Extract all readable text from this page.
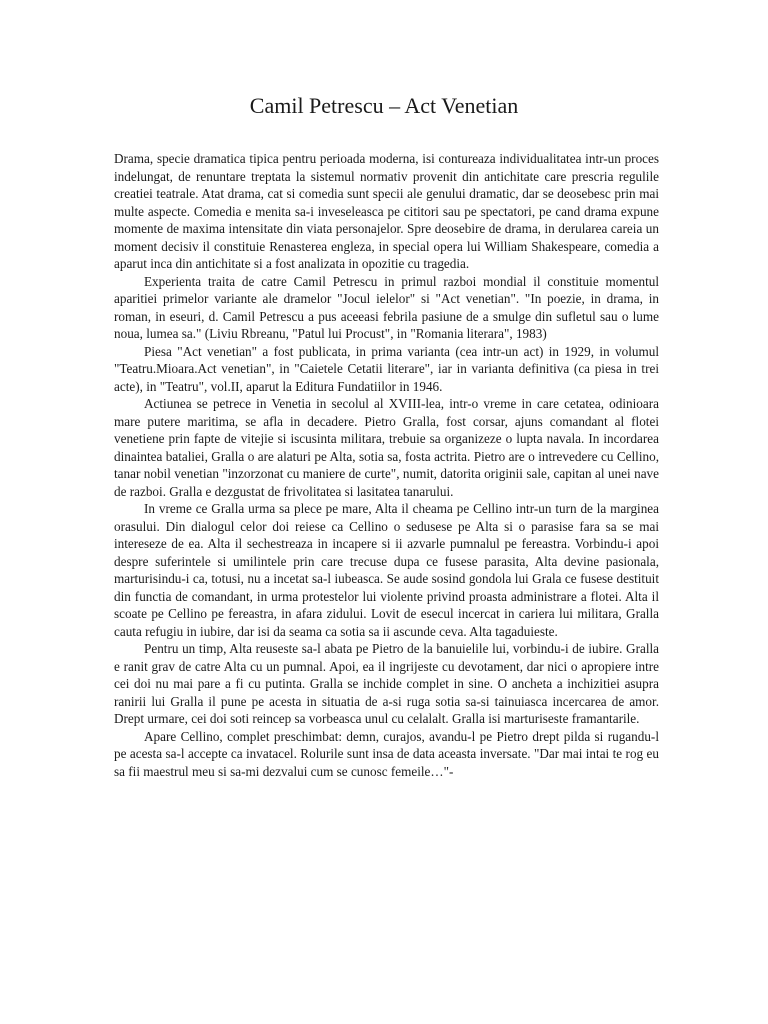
Camil Petrescu – Act Venetian

Drama, specie dramatica tipica pentru perioada moderna, isi contureaza individualitatea intr-un proces indelungat, de renuntare treptata la sistemul normativ provenit din antichitate care prescria regulile creatiei teatrale. Atat drama, cat si comedia sunt specii ale genului dramatic, dar se deosebesc prin mai multe aspecte. Comedia e menita sa-i inveseleasca pe cititori sau pe spectatori, pe cand drama expune momente de maxima intensitate din viata personajelor. Spre deosebire de drama, in derularea careia un moment decisiv il constituie Renasterea engleza, in special opera lui William Shakespeare, comedia a aparut inca din antichitate si a fost analizata in opozitie cu tragedia.

Experienta traita de catre Camil Petrescu in primul razboi mondial il constituie momentul aparitiei primelor variante ale dramelor "Jocul ielelor" si "Act venetian". "In poezie, in drama, in roman, in eseuri, d. Camil Petrescu a pus aceeasi febrila pasiune de a smulge din sufletul sau o lume noua, lumea sa." (Liviu Rbreanu, "Patul lui Procust", in "Romania literara", 1983)

Piesa "Act venetian" a fost publicata, in prima varianta (cea intr-un act) in 1929, in volumul "Teatru.Mioara.Act venetian", in "Caietele Cetatii literare", iar in varianta definitiva (ca piesa in trei acte), in "Teatru", vol.II, aparut la Editura Fundatiilor in 1946.

Actiunea se petrece in Venetia in secolul al XVIII-lea, intr-o vreme in care cetatea, odinioara mare putere maritima, se afla in decadere. Pietro Gralla, fost corsar, ajuns comandant al flotei venetiene prin fapte de vitejie si iscusinta militara, trebuie sa organizeze o lupta navala. In incordarea dinaintea bataliei, Gralla o are alaturi pe Alta, sotia sa, fosta actrita. Pietro are o intrevedere cu Cellino, tanar nobil venetian "inzorzonat cu maniere de curte", numit, datorita originii sale, capitan al unei nave de razboi. Gralla e dezgustat de frivolitatea si lasitatea tanarului.

In vreme ce Gralla urma sa plece pe mare, Alta il cheama pe Cellino intr-un turn de la marginea orasului. Din dialogul celor doi reiese ca Cellino o sedusese pe Alta si o parasise fara sa se mai intereseze de ea. Alta il sechestreaza in incapere si ii azvarle pumnalul pe fereastra. Vorbindu-i apoi despre suferintele si umilintele prin care trecuse dupa ce fusese parasita, Alta devine pasionala, marturisindu-i ca, totusi, nu a incetat sa-l iubeasca. Se aude sosind gondola lui Grala ce fusese destituit din functia de comandant, in urma protestelor lui violente privind proasta administrare a flotei. Alta il scoate pe Cellino pe fereastra, in afara zidului. Lovit de esecul incercat in cariera lui militara, Gralla cauta refugiu in iubire, dar isi da seama ca sotia sa ii ascunde ceva. Alta tagaduieste.

Pentru un timp, Alta reuseste sa-l abata pe Pietro de la banuielile lui, vorbindu-i de iubire. Gralla e ranit grav de catre Alta cu un pumnal. Apoi, ea il ingrijeste cu devotament, dar nici o apropiere intre cei doi nu mai pare a fi cu putinta. Gralla se inchide complet in sine. O ancheta a inchizitiei asupra ranirii lui Gralla il pune pe acesta in situatia de a-si ruga sotia sa-si tainuiasca incercarea de amor. Drept urmare, cei doi soti reincep sa vorbeasca unul cu celalalt. Gralla isi marturiseste framantarile.

Apare Cellino, complet preschimbat: demn, curajos, avandu-l pe Pietro drept pilda si rugandu-l pe acesta sa-l accepte ca invatacel. Rolurile sunt insa de data aceasta inversate. "Dar mai intai te rog eu sa fii maestrul meu si sa-mi dezvalui cum se cunosc femeile…"-
